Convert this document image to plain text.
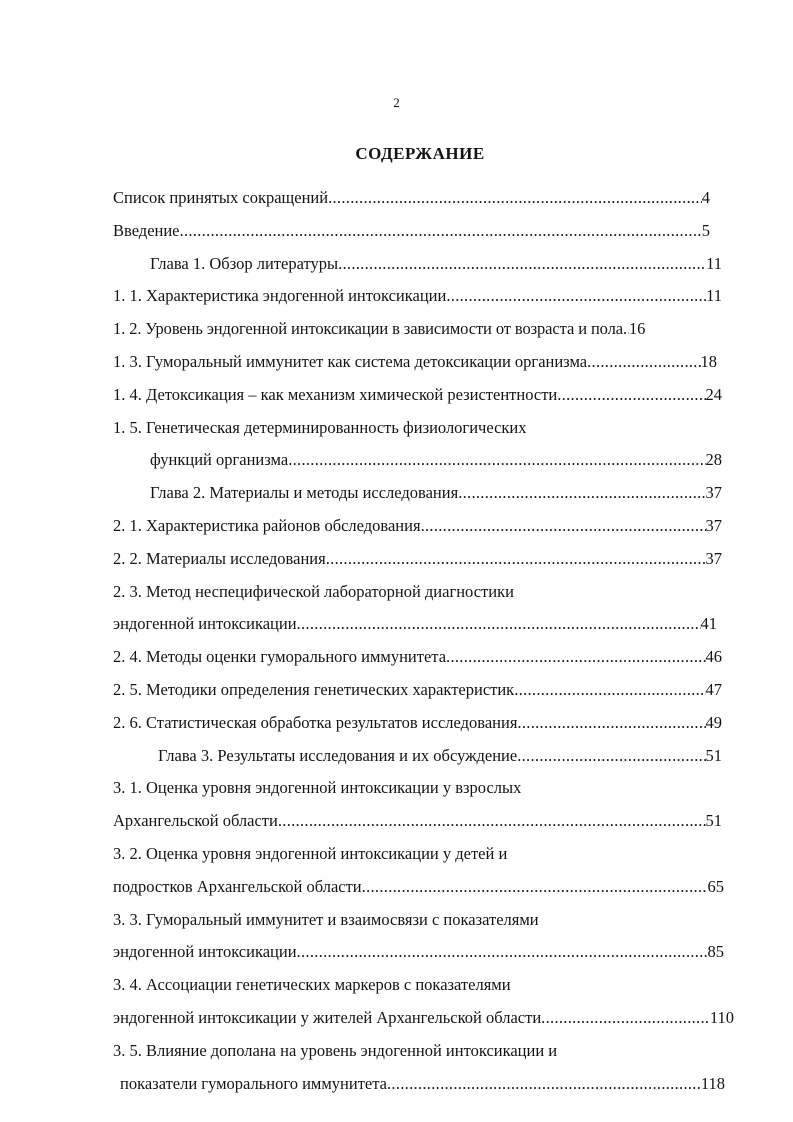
2
СОДЕРЖАНИЕ
Список принятых сокращений .....	4
Введение .....	5
Глава 1. Обзор литературы .....	11
1. 1. Характеристика эндогенной интоксикации .....	11
1. 2. Уровень эндогенной интоксикации в зависимости от возраста и пола ..... 16
1. 3. Гуморальный иммунитет как система детоксикации организма .....	18
1. 4. Детоксикация – как механизм химической резистентности .....	24
1. 5. Генетическая детерминированность физиологических
функций организма .....	28
Глава 2. Материалы и методы исследования .....	37
2. 1. Характеристика районов обследования .....	37
2. 2. Материалы исследования .....	37
2. 3. Метод неспецифической лабораторной диагностики
эндогенной интоксикации .....	41
2. 4. Методы оценки гуморального иммунитета .....	46
2. 5. Методики определения генетических характеристик .....	47
2. 6. Статистическая обработка результатов исследования .....	49
Глава 3. Результаты исследования и их обсуждение .....	51
3. 1. Оценка уровня эндогенной интоксикации у взрослых
Архангельской области .....	51
3. 2. Оценка уровня эндогенной интоксикации у детей и
подростков Архангельской области .....	65
3. 3. Гуморальный иммунитет и взаимосвязи с показателями
эндогенной интоксикации .....	85
3. 4. Ассоциации генетических маркеров с показателями
эндогенной интоксикации у жителей Архангельской области .....	110
3. 5. Влияние дополана на уровень эндогенной интоксикации и
показатели гуморального иммунитета .....	118
